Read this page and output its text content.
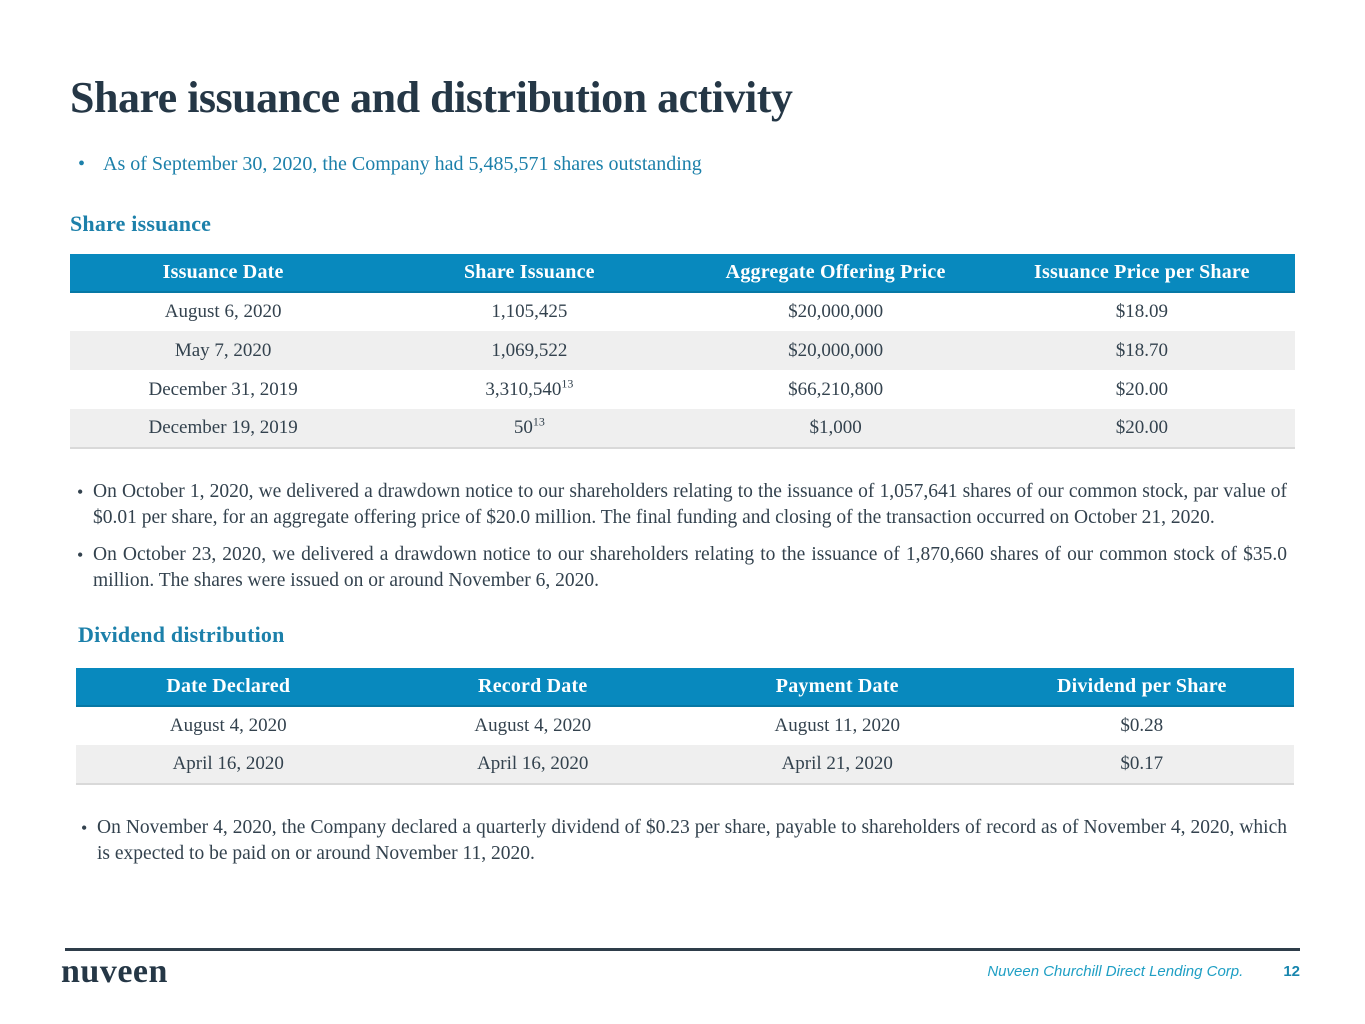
Share issuance and distribution activity
• As of September 30, 2020, the Company had 5,485,571 shares outstanding
Share issuance
Issuance Date	Share Issuance	Aggregate Offering Price	Issuance Price per Share
August 6, 2020	1,105,425	$20,000,000	$18.09
May 7, 2020	1,069,522	$20,000,000	$18.70
December 31, 2019	3,310,540$^{13}$	$66,210,800	$20.00
December 19, 2019	50$^{13}$	$1,000	$20.00
• On October 1, 2020, we delivered a drawdown notice to our shareholders relating to the issuance of 1,057,641 shares of our common stock, par value of $0.01 per share, for an aggregate offering price of $20.0 million. The final funding and closing of the transaction occurred on October 21, 2020.
• On October 23, 2020, we delivered a drawdown notice to our shareholders relating to the issuance of 1,870,660 shares of our common stock of $35.0 million. The shares were issued on or around November 6, 2020.
Dividend distribution
Date Declared	Record Date	Payment Date	Dividend per Share
August 4, 2020	August 4, 2020	August 11, 2020	$0.28
April 16, 2020	April 16, 2020	April 21, 2020	$0.17
• On November 4, 2020, the Company declared a quarterly dividend of $0.23 per share, payable to shareholders of record as of November 4, 2020, which is expected to be paid on or around November 11, 2020.
nuveen	Nuveen Churchill Direct Lending Corp.	12
